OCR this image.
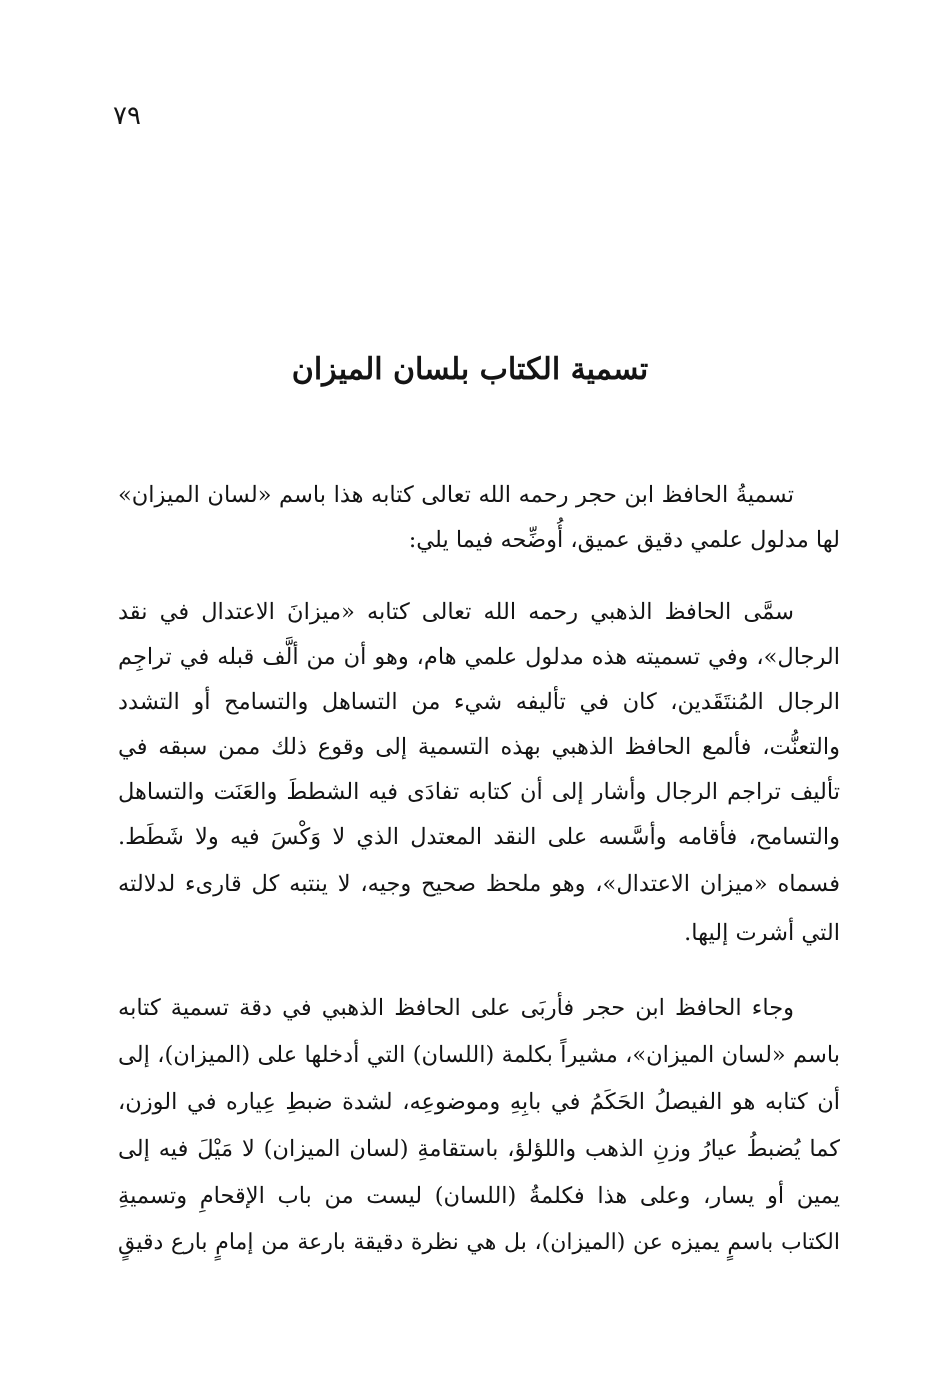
٧٩
تسمية الكتاب بلسان الميزان
تسميةُ الحافظ ابن حجر رحمه الله تعالى كتابه هذا باسم «لسان الميزان»
لها مدلول علمي دقيق عميق، أُوضِّحه فيما يلي:
سمَّى الحافظ الذهبي رحمه الله تعالى كتابه «ميزانَ الاعتدال في نقد
الرجال»، وفي تسميته هذه مدلول علمي هام، وهو أن من ألَّف قبله في تراجِم
الرجال المُنتَقَدين، كان في تأليفه شيء من التساهل والتسامح أو التشدد
والتعنُّت، فألمع الحافظ الذهبي بهذه التسمية إلى وقوع ذلك ممن سبقه في
تأليف تراجم الرجال وأشار إلى أن كتابه تفادَى فيه الشططَ والعَنَت والتساهل
والتسامح، فأقامه وأسَّسه على النقد المعتدل الذي لا وَكْسَ فيه ولا شَطَط.
فسماه «ميزان الاعتدال»، وهو ملحظ صحيح وجيه، لا ينتبه كل قارىء لدلالته
التي أشرت إليها.
وجاء الحافظ ابن حجر فأربَى على الحافظ الذهبي في دقة تسمية كتابه
باسم «لسان الميزان»، مشيراً بكلمة (اللسان) التي أدخلها على (الميزان)، إلى
أن كتابه هو الفيصلُ الحَكَمُ في بابِهِ وموضوعِه، لشدة ضبطِ عِياره في الوزن،
كما يُضبطُ عيارُ وزنِ الذهب واللؤلؤ، باستقامةِ (لسان الميزان) لا مَيْلَ فيه إلى
يمين أو يسار، وعلى هذا فكلمةُ (اللسان) ليست من باب الإقحامِ وتسميةِ
الكتاب باسمٍ يميزه عن (الميزان)، بل هي نظرة دقيقة بارعة من إمامٍ بارع دقيقٍ
